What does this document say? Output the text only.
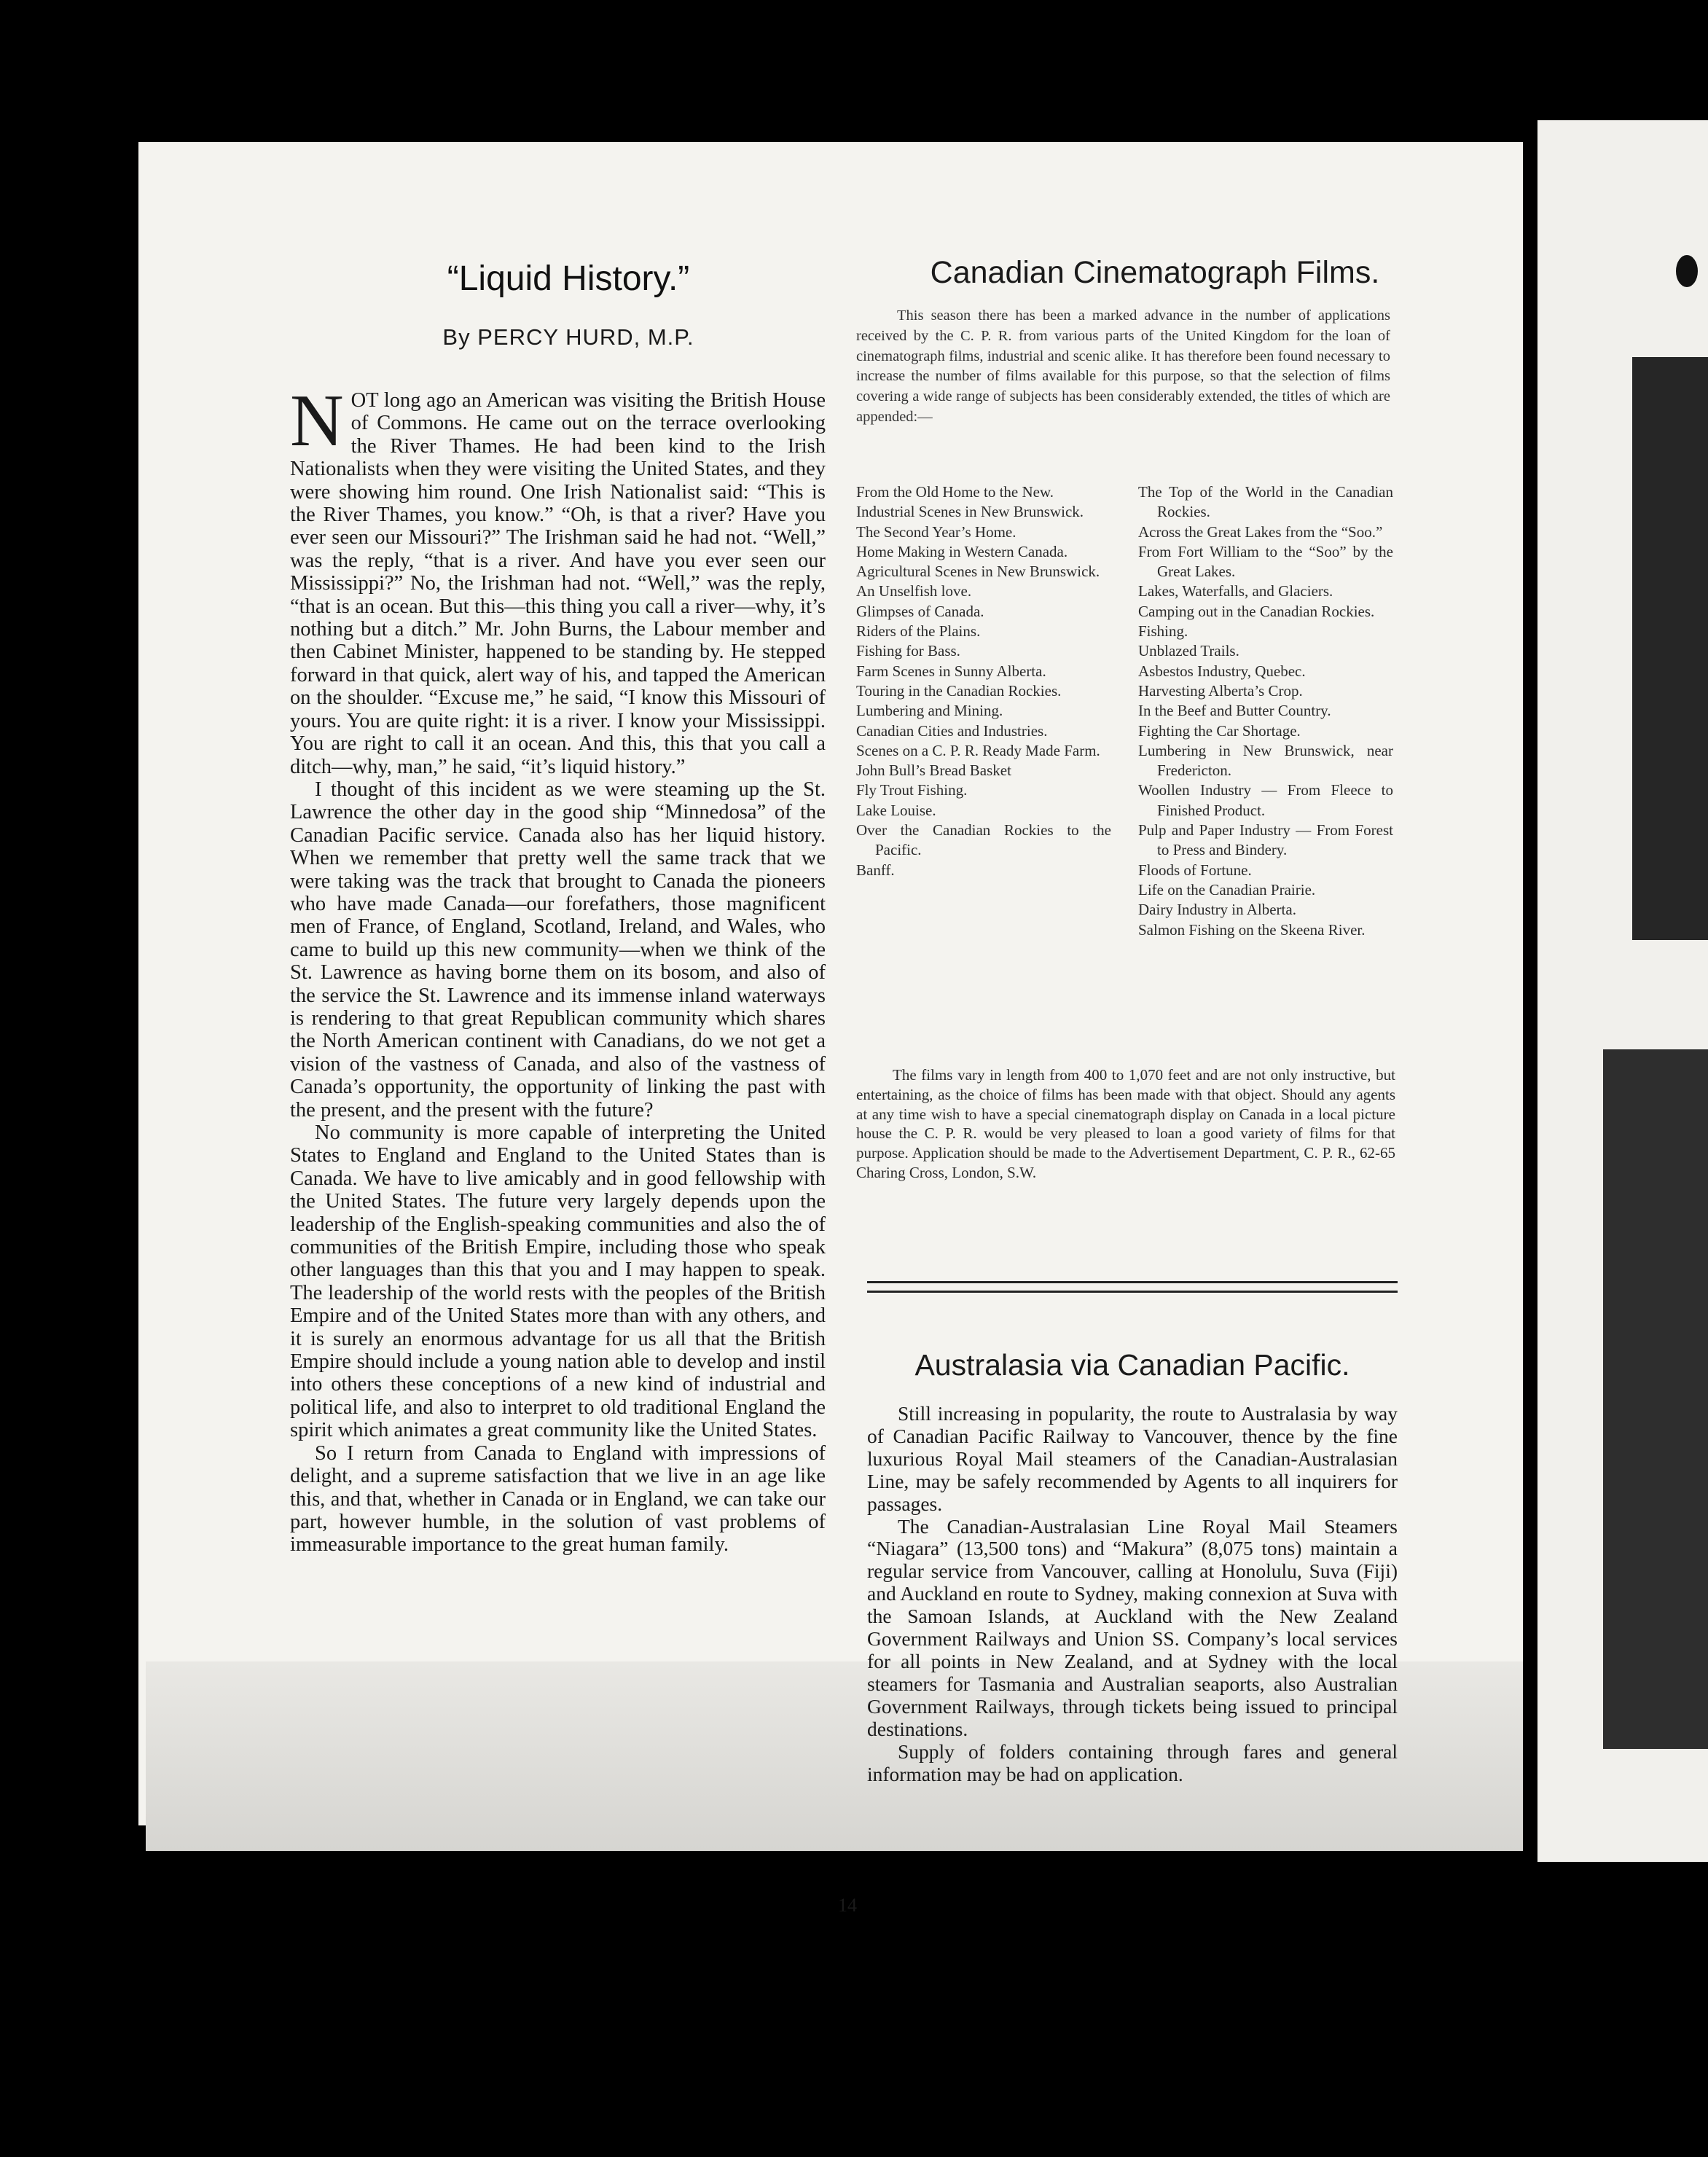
“Liquid History.”
By PERCY HURD, M.P.

NOT long ago an American was visiting the British House of Commons. He came out on the terrace overlooking the River Thames. He had been kind to the Irish Nationalists when they were visiting the United States, and they were showing him round. One Irish Nationalist said: “This is the River Thames, you know.” “Oh, is that a river? Have you ever seen our Missouri?” The Irishman said he had not. “Well,” was the reply, “that is a river. And have you ever seen our Mississippi?” No, the Irishman had not. “Well,” was the reply, “that is an ocean. But this—this thing you call a river—why, it’s nothing but a ditch.” Mr. John Burns, the Labour member and then Cabinet Minister, happened to be standing by. He stepped forward in that quick, alert way of his, and tapped the American on the shoulder. “Excuse me,” he said, “I know this Missouri of yours. You are quite right: it is a river. I know your Mississippi. You are right to call it an ocean. And this, this that you call a ditch—why, man,” he said, “it’s liquid history.”

I thought of this incident as we were steaming up the St. Lawrence the other day in the good ship “Minnedosa” of the Canadian Pacific service. Canada also has her liquid history. When we remember that pretty well the same track that we were taking was the track that brought to Canada the pioneers who have made Canada—our forefathers, those magnificent men of France, of England, Scotland, Ireland, and Wales, who came to build up this new community—when we think of the St. Lawrence as having borne them on its bosom, and also of the service the St. Lawrence and its immense inland waterways is rendering to that great Republican community which shares the North American continent with Canadians, do we not get a vision of the vastness of Canada, and also of the vastness of Canada’s opportunity, the opportunity of linking the past with the present, and the present with the future?

No community is more capable of interpreting the United States to England and England to the United States than is Canada. We have to live amicably and in good fellowship with the United States. The future very largely depends upon the leadership of the English-speaking communities and also the of communities of the British Empire, including those who speak other languages than this that you and I may happen to speak. The leadership of the world rests with the peoples of the British Empire and of the United States more than with any others, and it is surely an enormous advantage for us all that the British Empire should include a young nation able to develop and instil into others these conceptions of a new kind of industrial and political life, and also to interpret to old traditional England the spirit which animates a great community like the United States.

So I return from Canada to England with impressions of delight, and a supreme satisfaction that we live in an age like this, and that, whether in Canada or in England, we can take our part, however humble, in the solution of vast problems of immeasurable importance to the great human family.

Canadian Cinematograph Films.

This season there has been a marked advance in the number of applications received by the C. P. R. from various parts of the United Kingdom for the loan of cinematograph films, industrial and scenic alike. It has therefore been found necessary to increase the number of films available for this purpose, so that the selection of films covering a wide range of subjects has been considerably extended, the titles of which are appended:—

From the Old Home to the New.
Industrial Scenes in New Brunswick.
The Second Year’s Home.
Home Making in Western Canada.
Agricultural Scenes in New Brunswick.
An Unselfish love.
Glimpses of Canada.
Riders of the Plains.
Fishing for Bass.
Farm Scenes in Sunny Alberta.
Touring in the Canadian Rockies.
Lumbering and Mining.
Canadian Cities and Industries.
Scenes on a C. P. R. Ready Made Farm.
John Bull’s Bread Basket
Fly Trout Fishing.
Lake Louise.
Over the Canadian Rockies to the Pacific.
Banff.
The Top of the World in the Canadian Rockies.
Across the Great Lakes from the “Soo.”
From Fort William to the “Soo” by the Great Lakes.
Lakes, Waterfalls, and Glaciers.
Camping out in the Canadian Rockies.
Fishing.
Unblazed Trails.
Asbestos Industry, Quebec.
Harvesting Alberta’s Crop.
In the Beef and Butter Country.
Fighting the Car Shortage.
Lumbering in New Brunswick, near Fredericton.
Woollen Industry — From Fleece to Finished Product.
Pulp and Paper Industry — From Forest to Press and Bindery.
Floods of Fortune.
Life on the Canadian Prairie.
Dairy Industry in Alberta.
Salmon Fishing on the Skeena River.

The films vary in length from 400 to 1,070 feet and are not only instructive, but entertaining, as the choice of films has been made with that object. Should any agents at any time wish to have a special cinematograph display on Canada in a local picture house the C. P. R. would be very pleased to loan a good variety of films for that purpose. Application should be made to the Advertisement Department, C. P. R., 62-65 Charing Cross, London, S.W.

Australasia via Canadian Pacific.

Still increasing in popularity, the route to Australasia by way of Canadian Pacific Railway to Vancouver, thence by the fine luxurious Royal Mail steamers of the Canadian-Australasian Line, may be safely recommended by Agents to all inquirers for passages.

The Canadian-Australasian Line Royal Mail Steamers “Niagara” (13,500 tons) and “Makura” (8,075 tons) maintain a regular service from Vancouver, calling at Honolulu, Suva (Fiji) and Auckland en route to Sydney, making connexion at Suva with the Samoan Islands, at Auckland with the New Zealand Government Railways and Union SS. Company’s local services for all points in New Zealand, and at Sydney with the local steamers for Tasmania and Australian seaports, also Australian Government Railways, through tickets being issued to principal destinations.

Supply of folders containing through fares and general information may be had on application.

14
